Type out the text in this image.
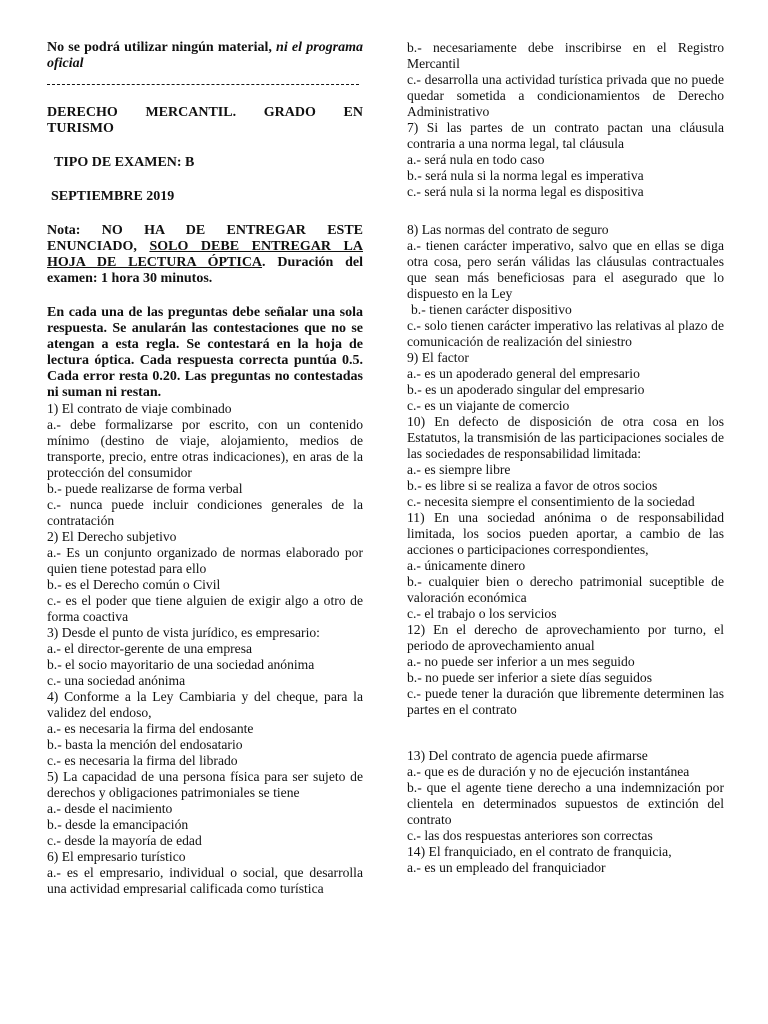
No se podrá utilizar ningún material, ni el programa oficial
DERECHO MERCANTIL. GRADO EN
TURISMO
TIPO DE EXAMEN: B
SEPTIEMBRE 2019
Nota: NO HA DE ENTREGAR ESTE ENUNCIADO, SOLO DEBE ENTREGAR LA HOJA DE LECTURA ÓPTICA. Duración del examen: 1 hora 30 minutos.
En cada una de las preguntas debe señalar una sola respuesta. Se anularán las contestaciones que no se atengan a esta regla. Se contestará en la hoja de lectura óptica. Cada respuesta correcta puntúa 0.5. Cada error resta 0.20. Las preguntas no contestadas ni suman ni restan.

1) El contrato de viaje combinado

a.- debe formalizarse por escrito, con un contenido mínimo (destino de viaje, alojamiento, medios de transporte, precio, entre otras indicaciones), en aras de la protección del consumidor

b.- puede realizarse de forma verbal

c.- nunca puede incluir condiciones generales de la contratación

2) El Derecho subjetivo

a.- Es un conjunto organizado de normas elaborado por quien tiene potestad para ello

b.- es el Derecho común o Civil

c.- es el poder que tiene alguien de exigir algo a otro de forma coactiva

3) Desde el punto de vista jurídico, es empresario:

a.- el director-gerente de una empresa

b.- el socio mayoritario de una sociedad anónima

c.- una sociedad anónima

4) Conforme a la Ley Cambiaria y del cheque, para la validez del endoso,

a.- es necesaria la firma del endosante

b.- basta la mención del endosatario

c.- es necesaria la firma del librado

5) La capacidad de una persona física para ser sujeto de derechos y obligaciones patrimoniales se tiene

a.- desde el nacimiento

b.- desde la emancipación

c.- desde la mayoría de edad

6) El empresario turístico

a.- es el empresario, individual o social, que desarrolla una actividad empresarial calificada como turística

b.- necesariamente debe inscribirse en el Registro Mercantil

c.- desarrolla una actividad turística privada que no puede quedar sometida a condicionamientos de Derecho Administrativo

7) Si las partes de un contrato pactan una cláusula contraria a una norma legal, tal cláusula

a.- será nula en todo caso

b.- será nula si la norma legal es imperativa

c.- será nula si la norma legal es dispositiva

8) Las normas del contrato de seguro

a.- tienen carácter imperativo, salvo que en ellas se diga otra cosa, pero serán válidas las cláusulas contractuales que sean más beneficiosas para el asegurado que lo dispuesto en la Ley

b.- tienen carácter dispositivo

c.- solo tienen carácter imperativo las relativas al plazo de comunicación de realización del siniestro

9) El factor

a.- es un apoderado general del empresario

b.- es un apoderado singular del empresario

c.- es un viajante de comercio

10) En defecto de disposición de otra cosa en los Estatutos, la transmisión de las participaciones sociales de las sociedades de responsabilidad limitada:

a.- es siempre libre

b.- es libre si se realiza a favor de otros socios

c.- necesita siempre el consentimiento de la sociedad

11) En una sociedad anónima o de responsabilidad limitada, los socios pueden aportar, a cambio de las acciones o participaciones correspondientes,

a.- únicamente dinero

b.- cualquier bien o derecho patrimonial suceptible de valoración económica

c.- el trabajo o los servicios

12) En el derecho de aprovechamiento por turno, el periodo de aprovechamiento anual

a.- no puede ser inferior a un mes seguido

b.- no puede ser inferior a siete días seguidos

c.- puede tener la duración que libremente determinen las partes en el contrato

13) Del contrato de agencia puede afirmarse

a.- que es de duración y no de ejecución instantánea

b.- que el agente tiene derecho a una indemnización por clientela en determinados supuestos de extinción del contrato

c.- las dos respuestas anteriores son correctas

14) El franquiciado, en el contrato de franquicia,

a.- es un empleado del franquiciador
